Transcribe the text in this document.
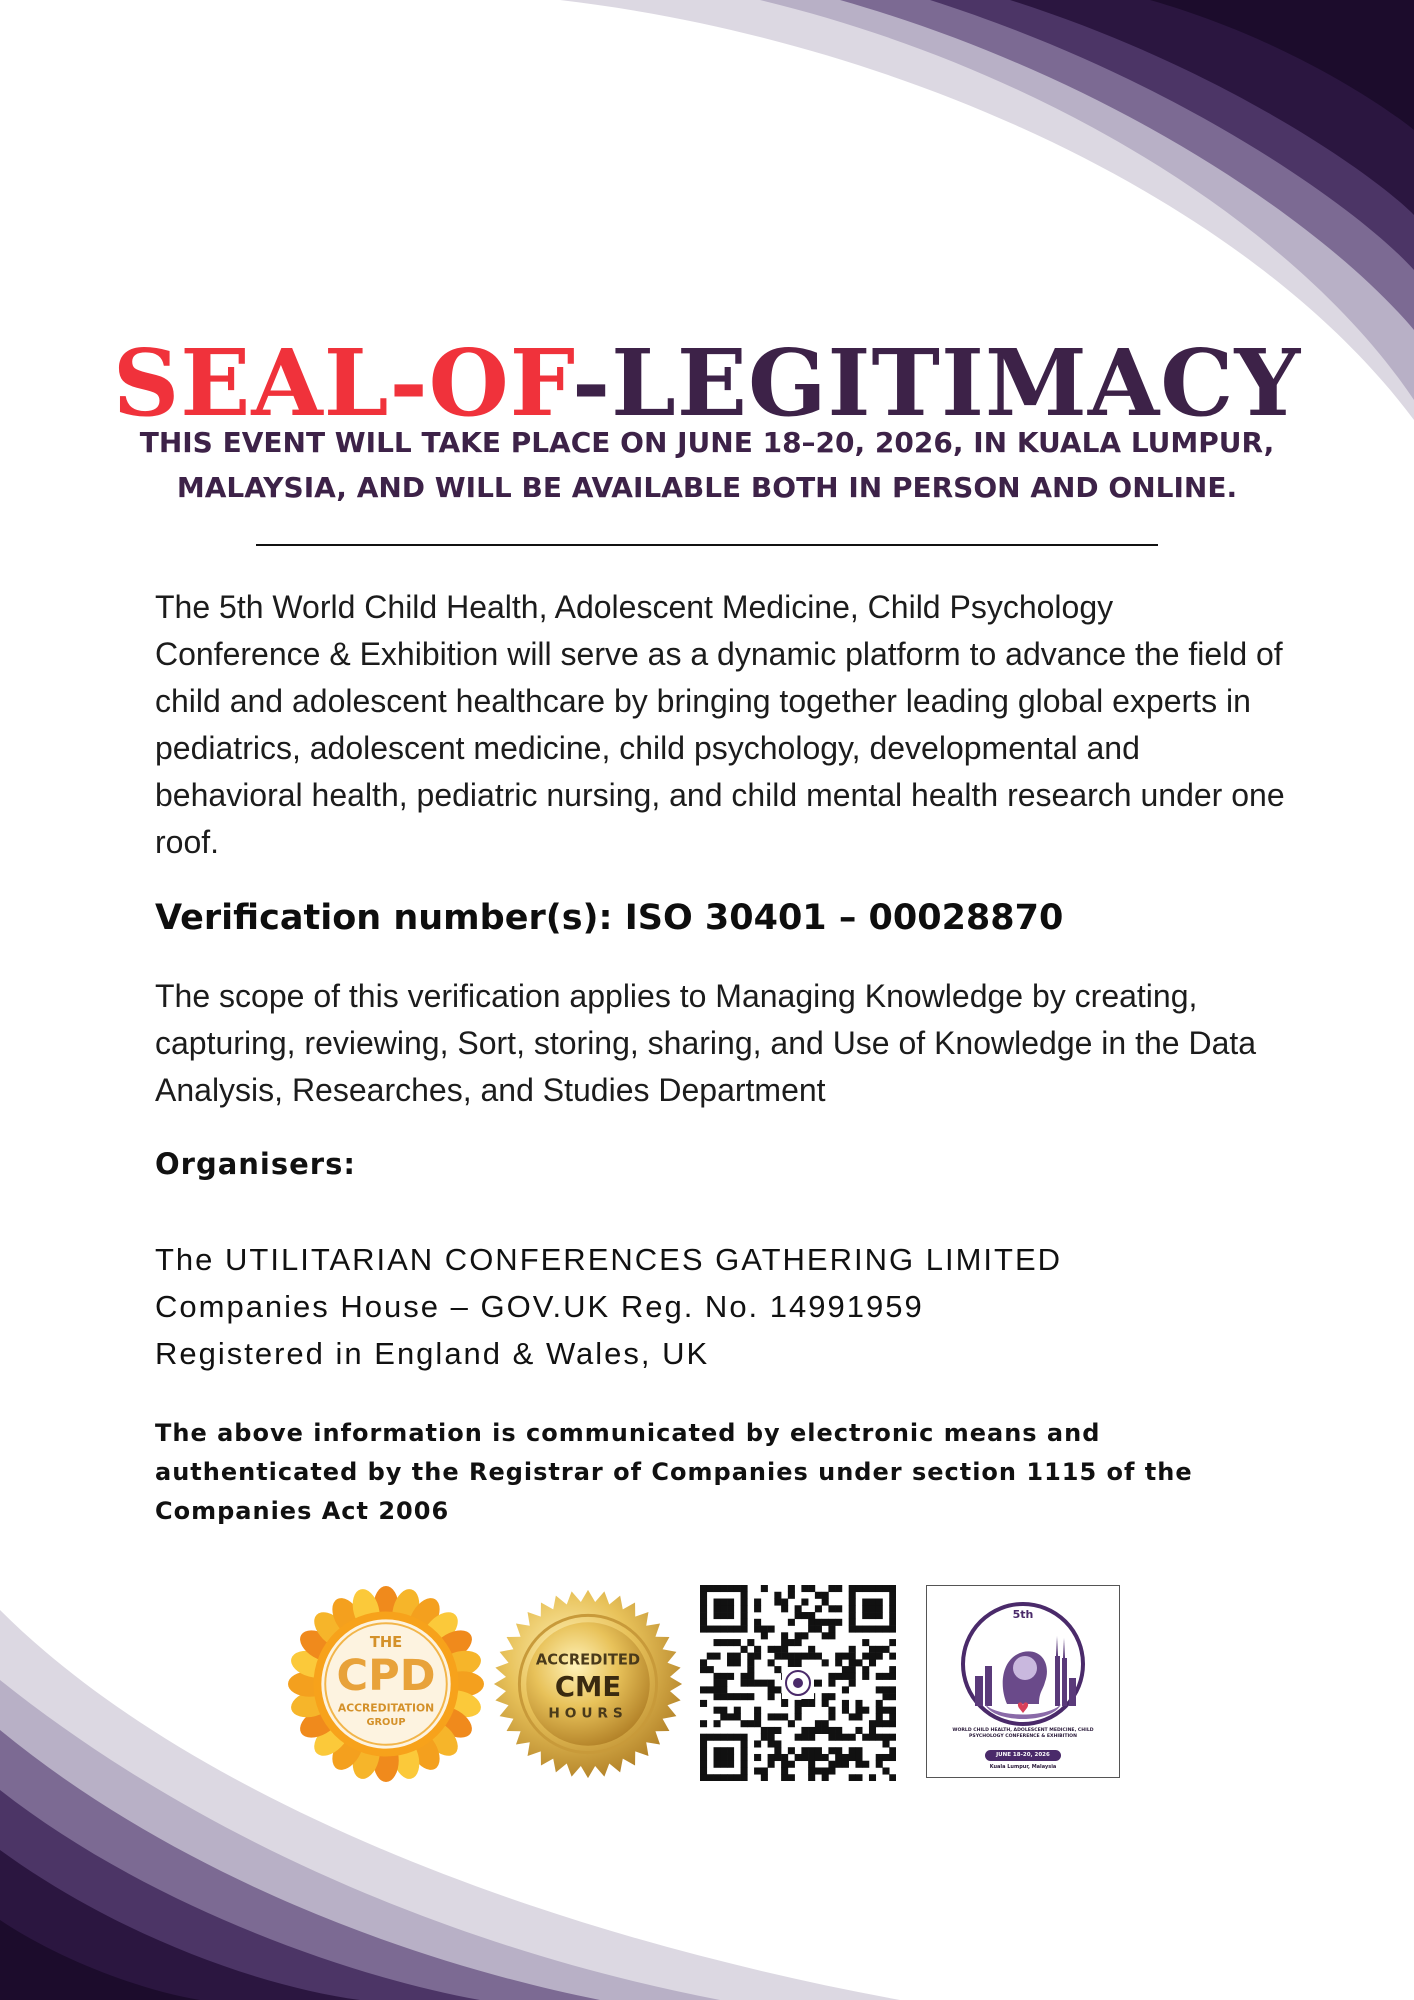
SEAL-OF-LEGITIMACY

THIS EVENT WILL TAKE PLACE ON JUNE 18–20, 2026, IN KUALA LUMPUR, MALAYSIA, AND WILL BE AVAILABLE BOTH IN PERSON AND ONLINE.

The 5th World Child Health, Adolescent Medicine, Child Psychology Conference & Exhibition will serve as a dynamic platform to advance the field of child and adolescent healthcare by bringing together leading global experts in pediatrics, adolescent medicine, child psychology, developmental and behavioral health, pediatric nursing, and child mental health research under one roof.

Verification number(s): ISO 30401 – 00028870

The scope of this verification applies to Managing Knowledge by creating, capturing, reviewing, Sort, storing, sharing, and Use of Knowledge in the Data Analysis, Researches, and Studies Department

Organisers:

The UTILITARIAN CONFERENCES GATHERING LIMITED
Companies House – GOV.UK Reg. No. 14991959
Registered in England & Wales, UK

The above information is communicated by electronic means and authenticated by the Registrar of Companies under section 1115 of the Companies Act 2006

THE
CPD
ACCREDITATION
GROUP
ACCREDITED
CME
HOURS
5th

WORLD CHILD HEALTH, ADOLESCENT MEDICINE, CHILD PSYCHOLOGY CONFERENCE & EXHIBITION

JUNE 18-20, 2026
Kuala Lumpur, Malaysia
